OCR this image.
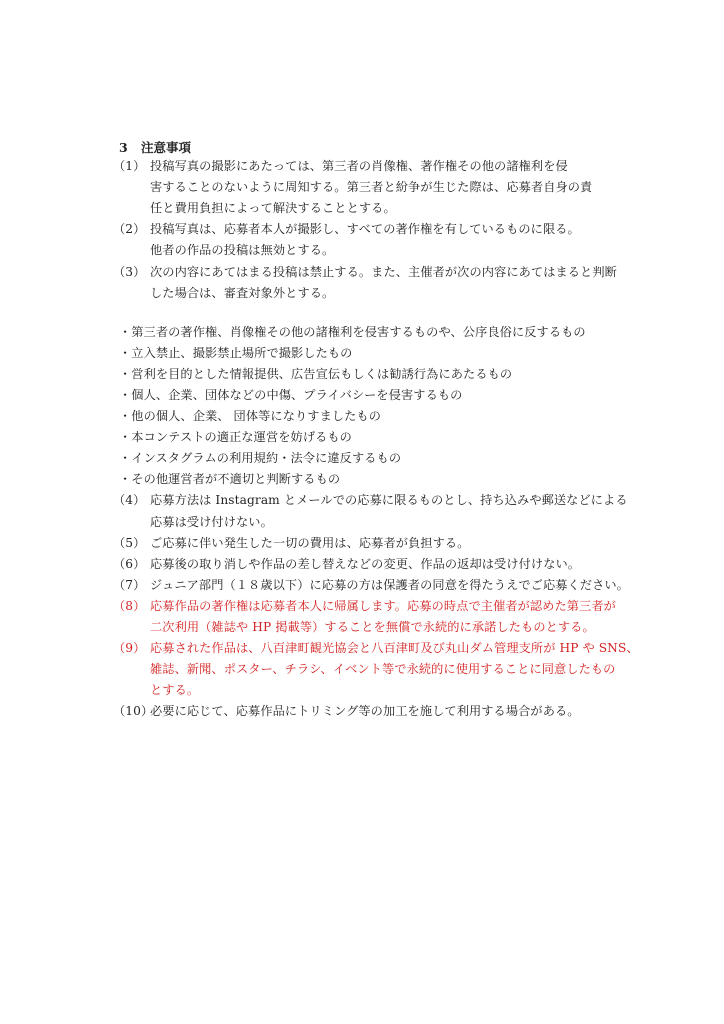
3 注意事項
（1） 投稿写真の撮影にあたっては、第三者の肖像権、著作権その他の諸権利を侵
害することのないように周知する。第三者と紛争が生じた際は、応募者自身の責
任と費用負担によって解決することとする。
（2） 投稿写真は、応募者本人が撮影し、すべての著作権を有しているものに限る。
他者の作品の投稿は無効とする。
（3） 次の内容にあてはまる投稿は禁止する。また、主催者が次の内容にあてはまると判断
した場合は、審査対象外とする。
・第三者の著作権、肖像権その他の諸権利を侵害するものや、公序良俗に反するもの
・立入禁止、撮影禁止場所で撮影したもの
・営利を目的とした情報提供、広告宣伝もしくは勧誘行為にあたるもの
・個人、企業、団体などの中傷、プライバシーを侵害するもの
・他の個人、企業、 団体等になりすましたもの
・本コンテストの適正な運営を妨げるもの
・インスタグラムの利用規約・法令に違反するもの
・その他運営者が不適切と判断するもの
（4） 応募方法は Instagram とメールでの応募に限るものとし、持ち込みや郵送などによる
応募は受け付けない。
（5） ご応募に伴い発生した一切の費用は、応募者が負担する。
（6） 応募後の取り消しや作品の差し替えなどの変更、作品の返却は受け付けない。
（7） ジュニア部門（１８歳以下）に応募の方は保護者の同意を得たうえでご応募ください。
（8） 応募作品の著作権は応募者本人に帰属します。応募の時点で主催者が認めた第三者が
二次利用（雑誌や HP 掲載等）することを無償で永続的に承諾したものとする。
（9） 応募された作品は、八百津町観光協会と八百津町及び丸山ダム管理支所が HP や SNS、
雑誌、新聞、ポスター、チラシ、イベント等で永続的に使用することに同意したもの
とする。
（10）
必要に応じて、応募作品にトリミング等の加工を施して利用する場合がある。
